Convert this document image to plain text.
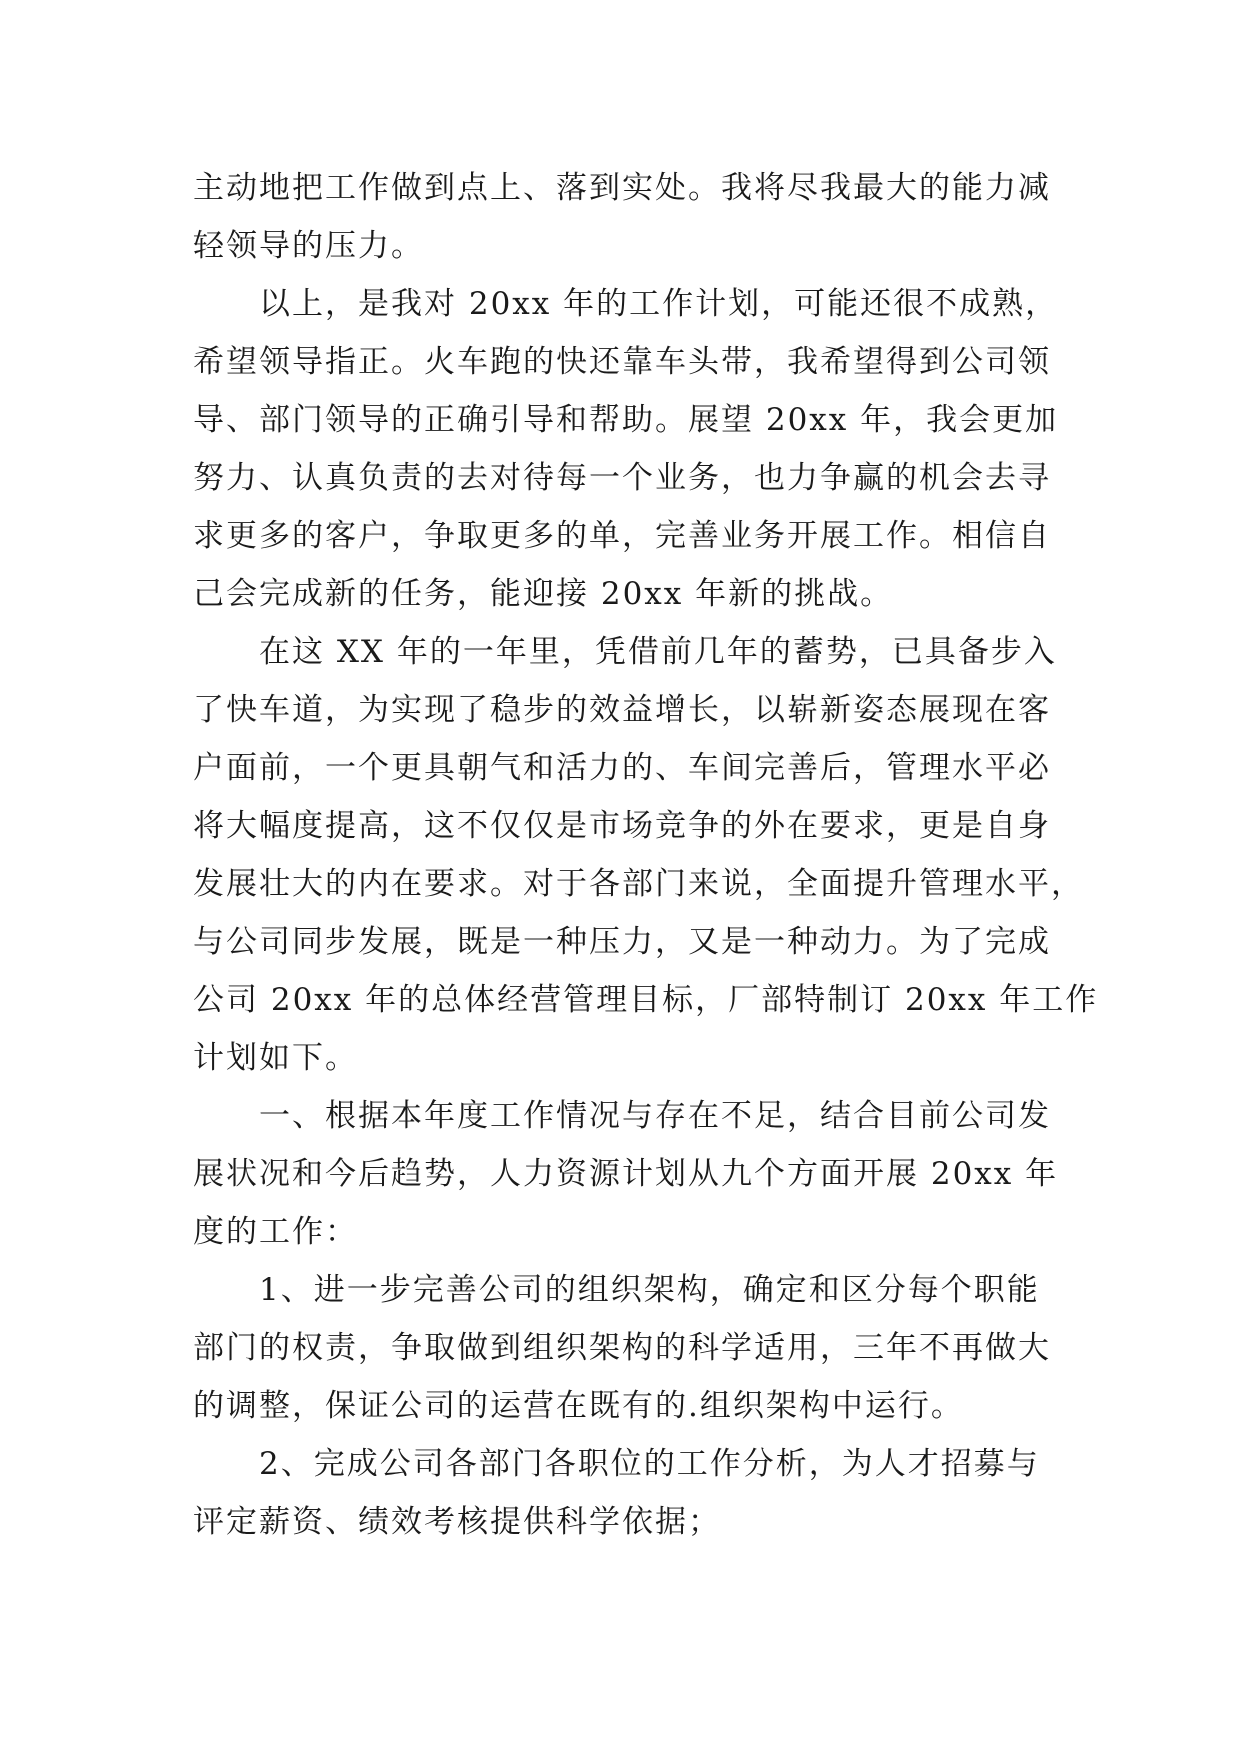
主动地把工作做到点上、落到实处。我将尽我最大的能力减
轻领导的压力。
以上，是我对 20xx 年的工作计划，可能还很不成熟，
希望领导指正。火车跑的快还靠车头带，我希望得到公司领
导、部门领导的正确引导和帮助。展望 20xx 年，我会更加
努力、认真负责的去对待每一个业务，也力争赢的机会去寻
求更多的客户，争取更多的单，完善业务开展工作。相信自
己会完成新的任务，能迎接 20xx 年新的挑战。
在这 XX 年的一年里，凭借前几年的蓄势，已具备步入
了快车道，为实现了稳步的效益增长，以崭新姿态展现在客
户面前，一个更具朝气和活力的、车间完善后，管理水平必
将大幅度提高，这不仅仅是市场竞争的外在要求，更是自身
发展壮大的内在要求。对于各部门来说，全面提升管理水平，
与公司同步发展，既是一种压力，又是一种动力。为了完成
公司 20xx 年的总体经营管理目标，厂部特制订 20xx 年工作
计划如下。
一、根据本年度工作情况与存在不足，结合目前公司发
展状况和今后趋势，人力资源计划从九个方面开展 20xx 年
度的工作：
1、进一步完善公司的组织架构，确定和区分每个职能
部门的权责，争取做到组织架构的科学适用，三年不再做大
的调整，保证公司的运营在既有的.组织架构中运行。
2、完成公司各部门各职位的工作分析，为人才招募与
评定薪资、绩效考核提供科学依据；
